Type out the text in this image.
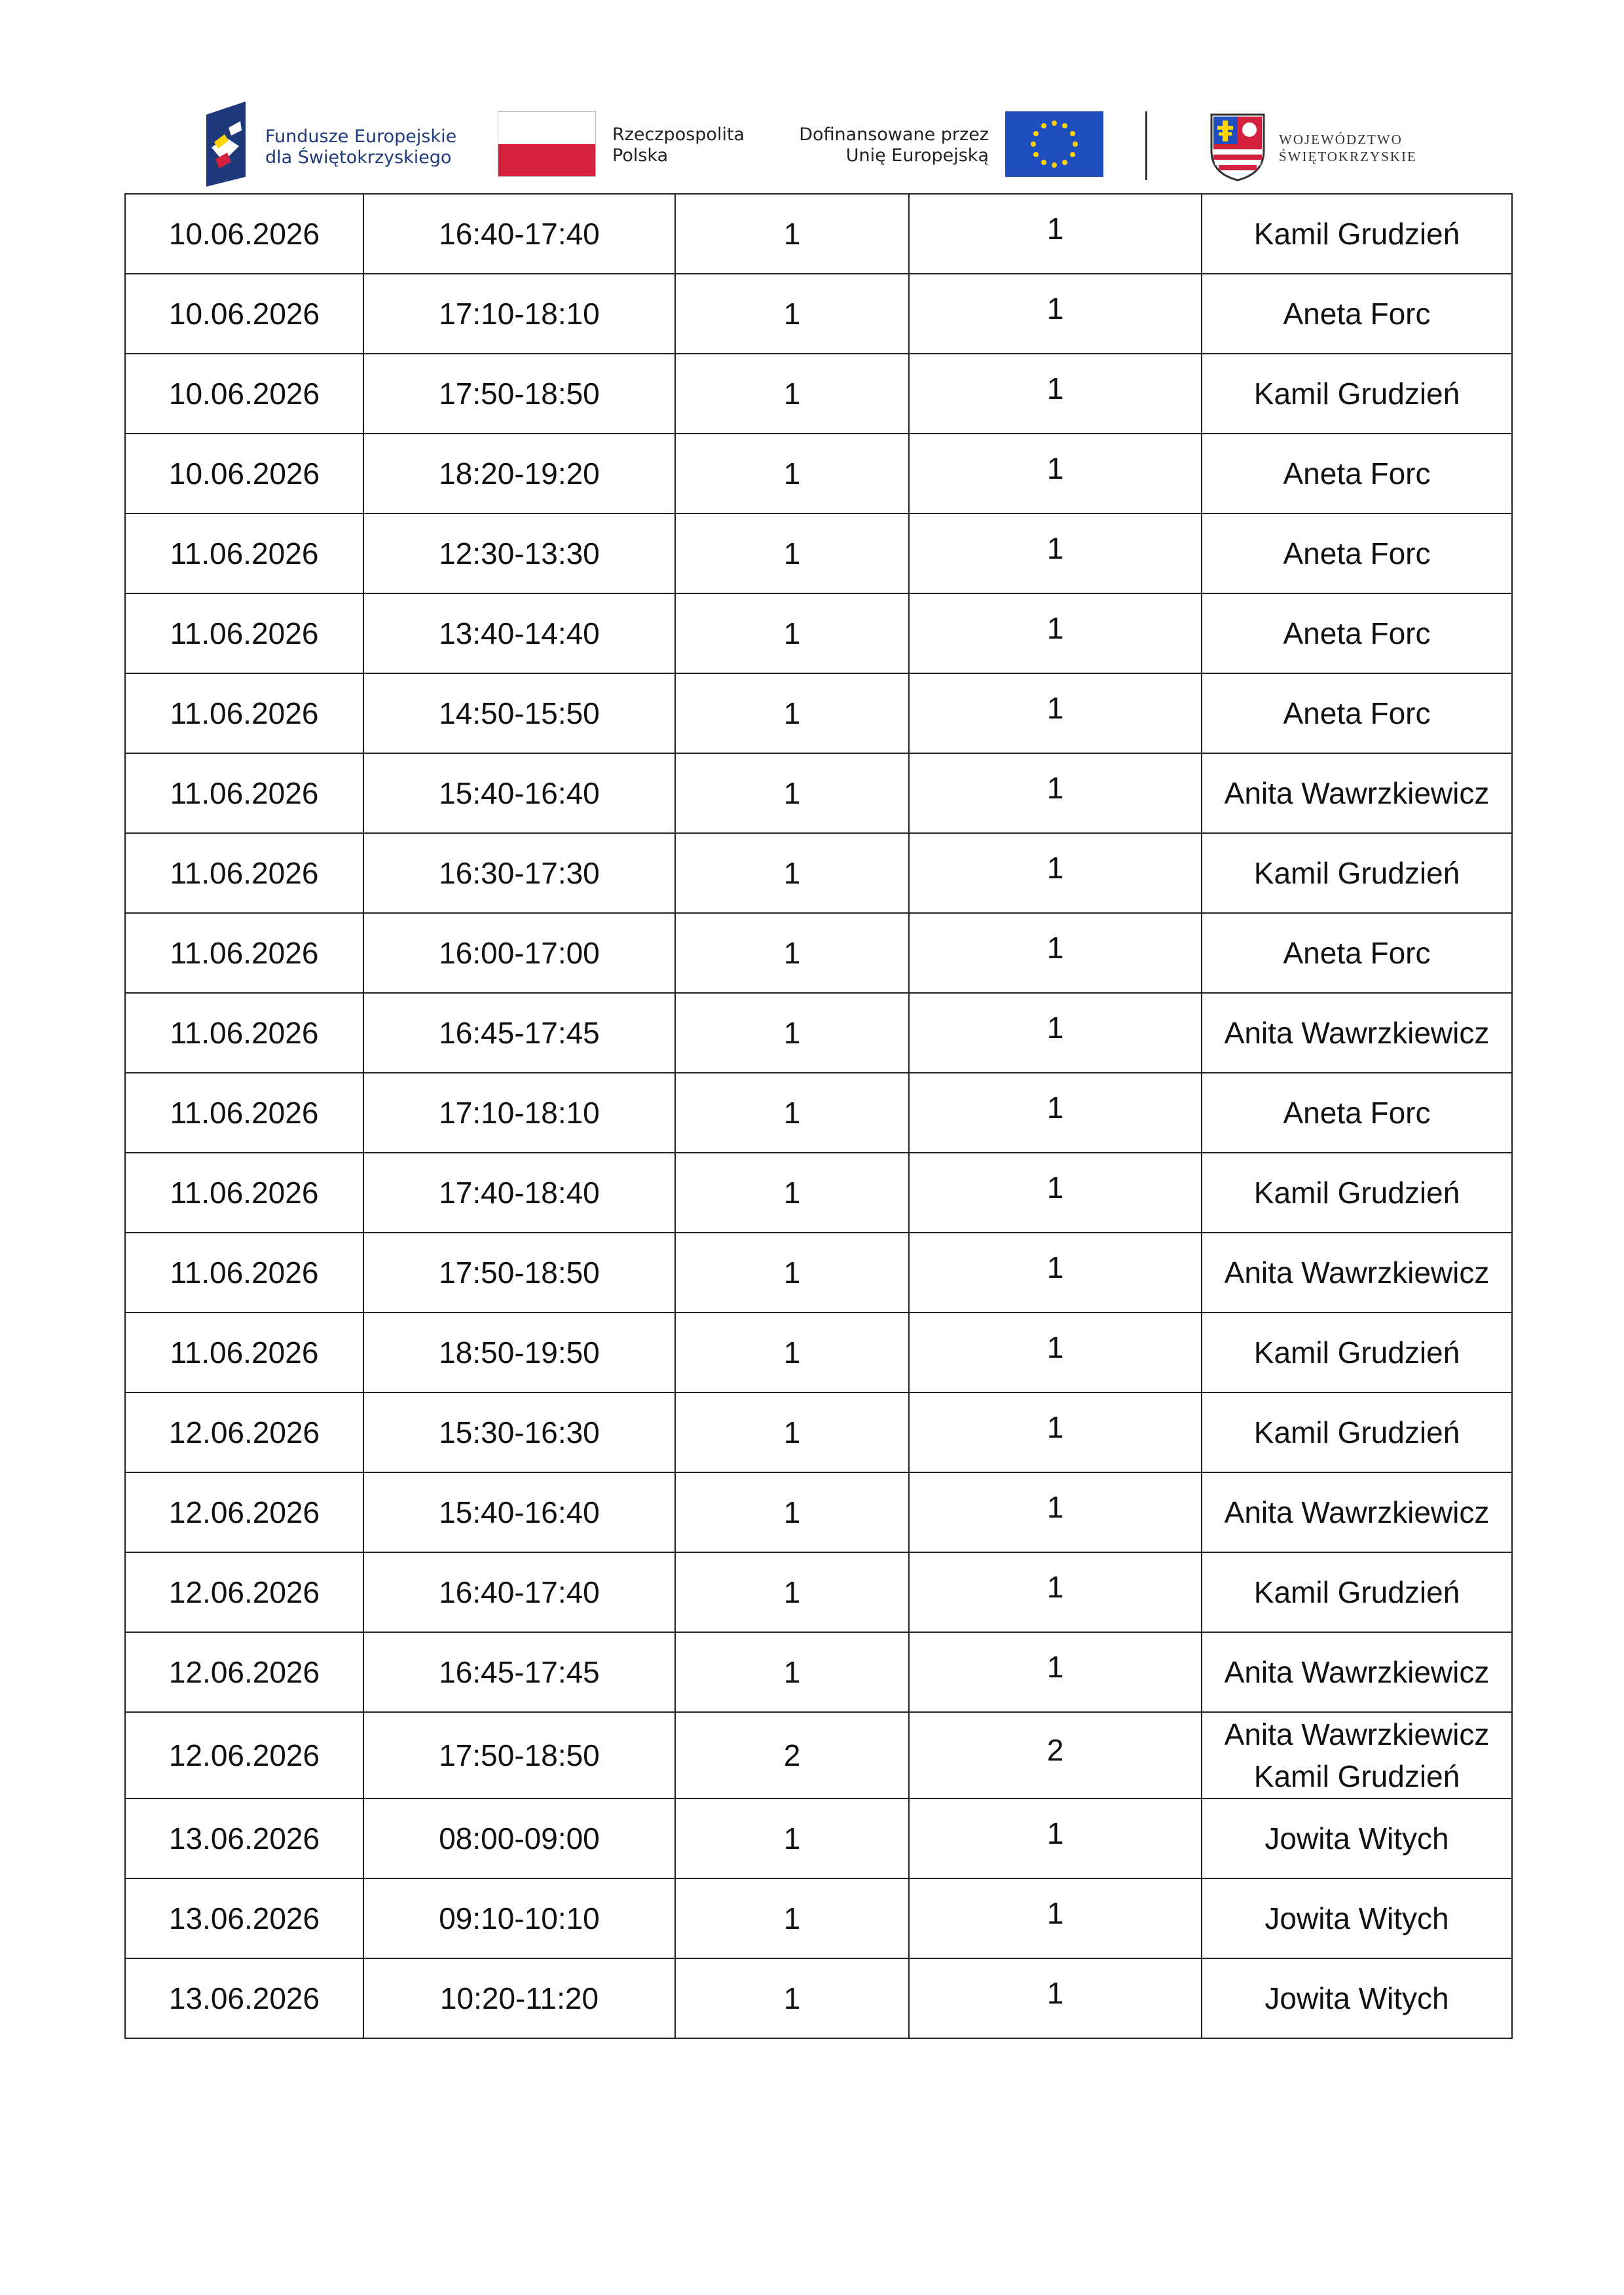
Fundusze Europejskie
dla Świętokrzyskiego
Rzeczpospolita
Polska
Dofinansowane przez
Unię Europejską
WOJEWÓDZTWO
ŚWIĘTOKRZYSKIE
10.06.2026	16:40-17:40	1	1	Kamil Grudzień

10.06.2026	17:10-18:10	1	1	Aneta Forc

10.06.2026	17:50-18:50	1	1	Kamil Grudzień

10.06.2026	18:20-19:20	1	1	Aneta Forc

11.06.2026	12:30-13:30	1	1	Aneta Forc

11.06.2026	13:40-14:40	1	1	Aneta Forc

11.06.2026	14:50-15:50	1	1	Aneta Forc

11.06.2026	15:40-16:40	1	1	Anita Wawrzkiewicz

11.06.2026	16:30-17:30	1	1	Kamil Grudzień

11.06.2026	16:00-17:00	1	1	Aneta Forc

11.06.2026	16:45-17:45	1	1	Anita Wawrzkiewicz

11.06.2026	17:10-18:10	1	1	Aneta Forc

11.06.2026	17:40-18:40	1	1	Kamil Grudzień

11.06.2026	17:50-18:50	1	1	Anita Wawrzkiewicz

11.06.2026	18:50-19:50	1	1	Kamil Grudzień

12.06.2026	15:30-16:30	1	1	Kamil Grudzień

12.06.2026	15:40-16:40	1	1	Anita Wawrzkiewicz

12.06.2026	16:40-17:40	1	1	Kamil Grudzień

12.06.2026	16:45-17:45	1	1	Anita Wawrzkiewicz

12.06.2026	17:50-18:50	2	2	Anita Wawrzkiewicz
Kamil Grudzień

13.06.2026	08:00-09:00	1	1	Jowita Witych

13.06.2026	09:10-10:10	1	1	Jowita Witych

13.06.2026	10:20-11:20	1	1	Jowita Witych
